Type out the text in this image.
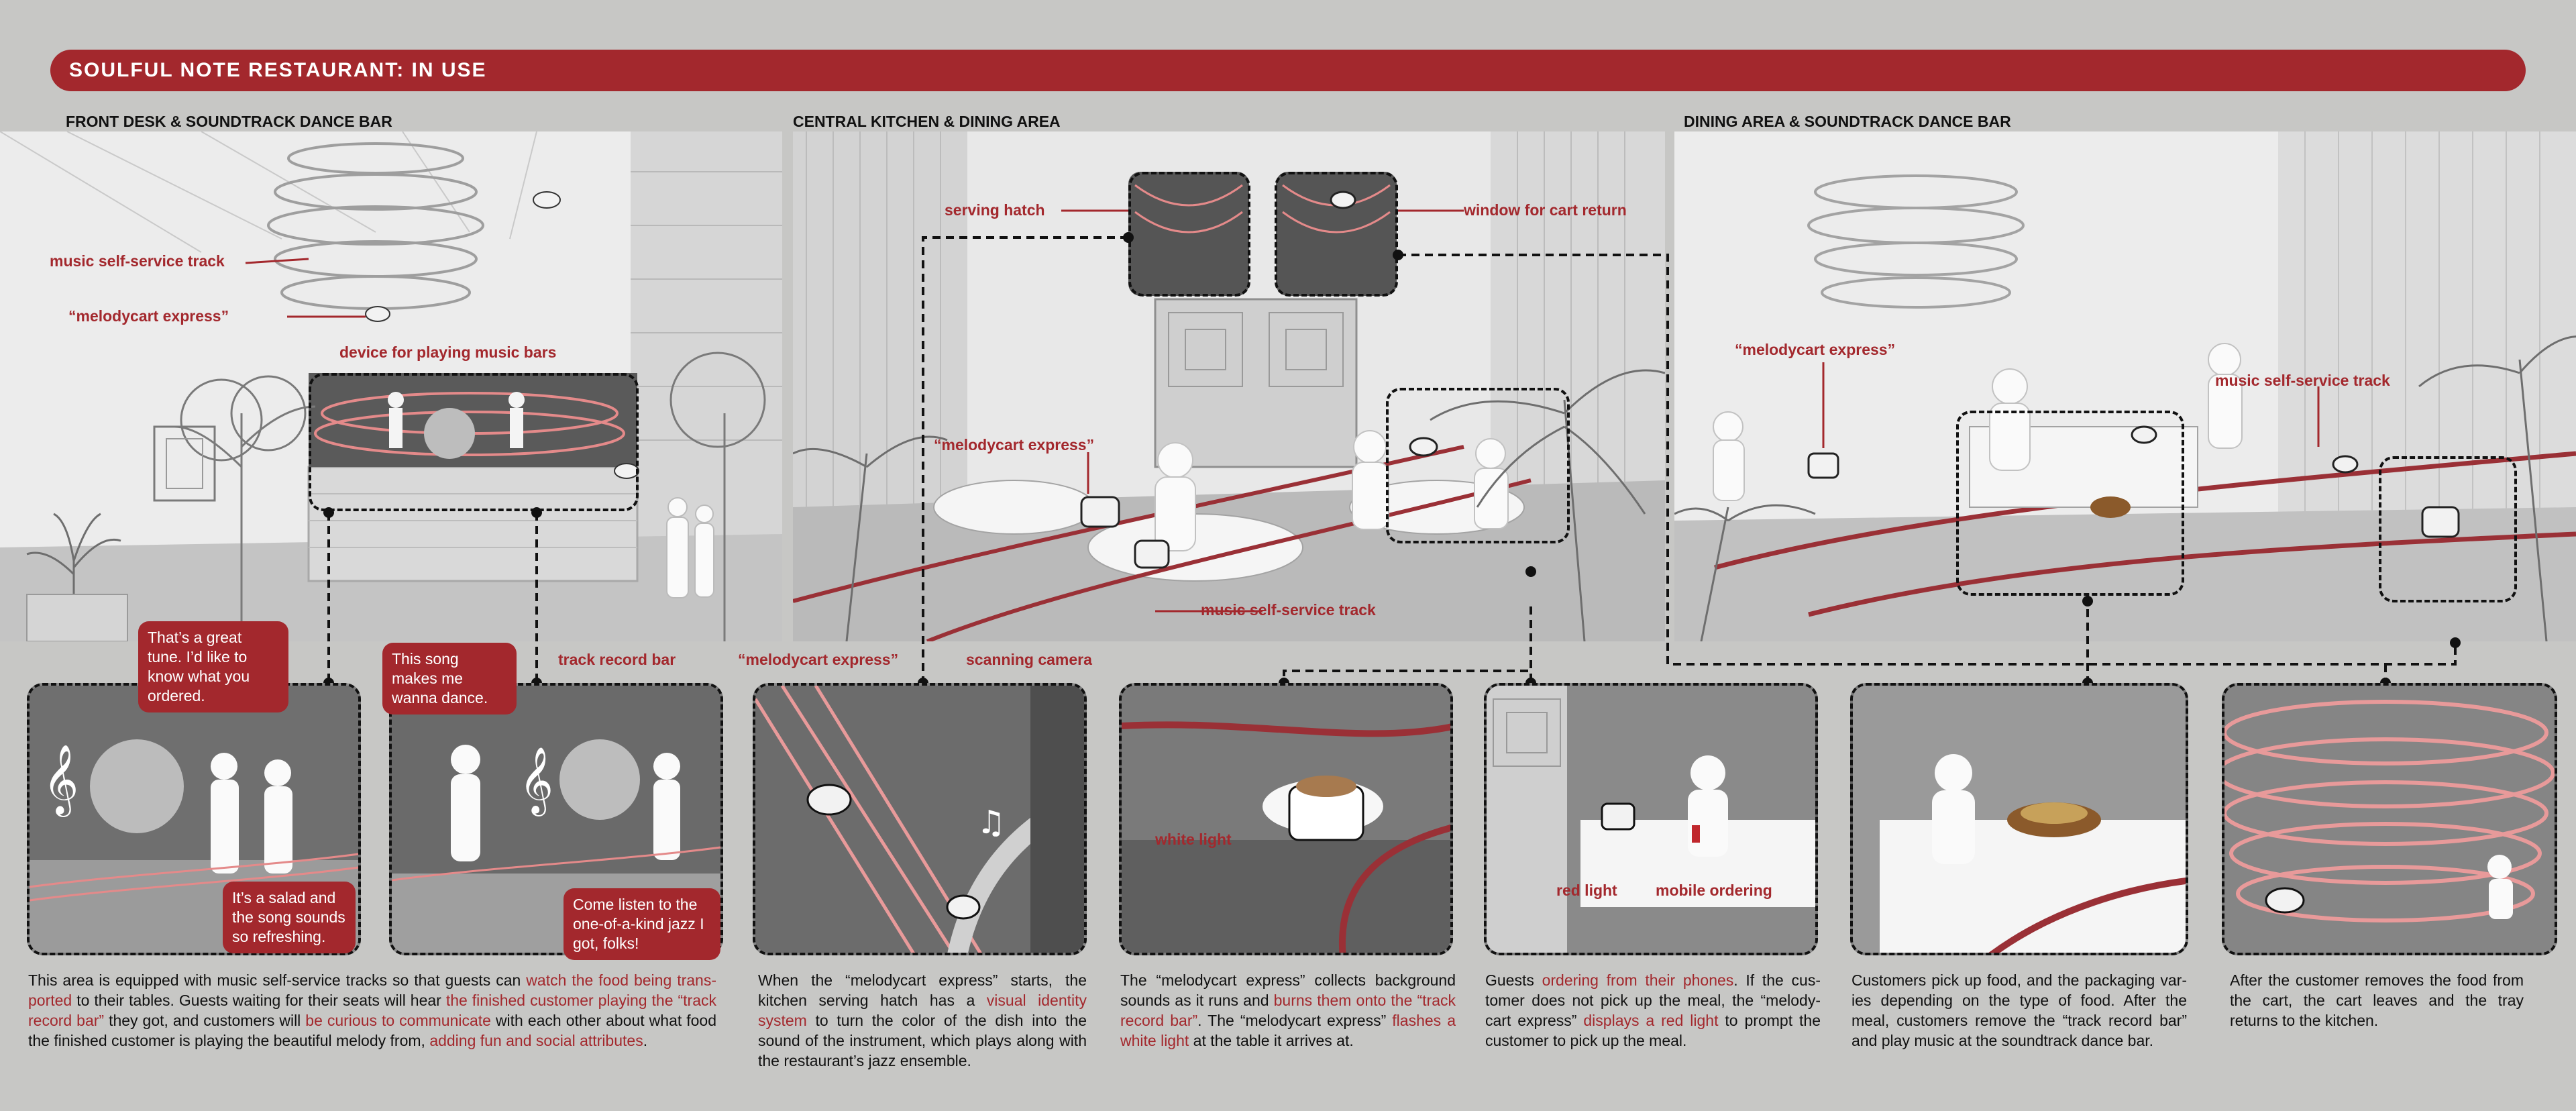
SOULFUL NOTE RESTAURANT: IN USE
FRONT DESK & SOUNDTRACK DANCE BAR	CENTRAL KITCHEN & DINING AREA	DINING AREA & SOUNDTRACK DANCE BAR
music self-service track
“melodycart express”
device for playing music bars
serving hatch	window for cart return
“melodycart express”
music self-service track
“melodycart express”
music self-service track
𝄞
That’s a great tune. I’d like to know what you ordered.
It’s a salad and the song sounds so refreshing.
𝄞
This song makes me wanna dance.
Come listen to the one-of-a-kind jazz I got, folks!
track record bar
♫
“melodycart express”	scanning camera
white light
red light mobile ordering
This area is equipped with music self-service tracks so that guests can watch the food being trans-ported to their tables. Guests waiting for their seats will hear the finished customer playing the “track record bar” they got, and customers will be curious to communicate with each other about what food the finished customer is playing the beautiful melody from, adding fun and social attributes.
When the “melodycart express” starts, the kitchen serving hatch has a visual identity system to turn the color of the dish into the sound of the instrument, which plays along with the restaurant’s jazz ensemble.
The “melodycart express” collects background sounds as it runs and burns them onto the “track record bar”. The “melodycart express” flashes a white light at the table it arrives at.
Guests ordering from their phones. If the cus-tomer does not pick up the meal, the “melody-cart express” displays a red light to prompt the customer to pick up the meal.
Customers pick up food, and the packaging var-ies depending on the type of food. After the meal, customers remove the “track record bar” and play music at the soundtrack dance bar.
After the customer removes the food from the cart, the cart leaves and the tray returns to the kitchen.
